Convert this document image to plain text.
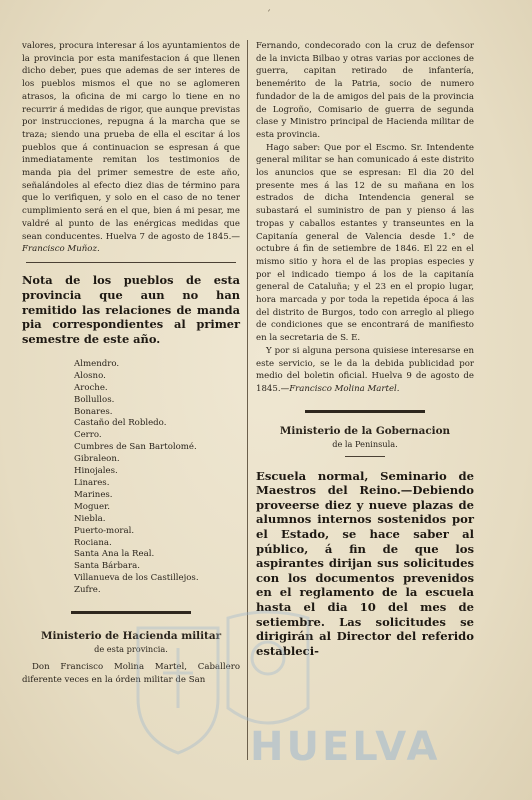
ˊ

valores, procura interesar á los ayuntamientos de la provincia por esta manifestacion á que llenen dicho deber, pues que ademas de ser interes de los pueblos mismos el que no se aglomeren atrasos, la oficina de mi cargo lo tiene en no recurrir á medidas de rigor, que aunque previstas por instrucciones, repugna á la marcha que se traza; siendo una prueba de ella el escitar á los pueblos que á continuacion se espresan á que inmediatamente remitan los testimonios de manda pia del primer semestre de este año, señalándoles al efecto diez dias de término para que lo verifiquen, y solo en el caso de no tener cumplimiento será en el que, bien á mi pesar, me valdré al punto de las enérgicas medidas que sean conducentes. Huelva 7 de agosto de 1845.—Francisco Muñoz.

Nota de los pueblos de esta provincia que aun no han remitido las relaciones de manda pia correspondientes al primer semestre de este año.

Almendro.
Alosno.
Aroche.
Bollullos.
Bonares.
Castaño del Robledo.
Cerro.
Cumbres de San Bartolomé.
Gibraleon.
Hinojales.
Linares.
Marines.
Moguer.
Niebla.
Puerto-moral.
Rociana.
Santa Ana la Real.
Santa Bárbara.
Villanueva de los Castillejos.
Zufre.

Ministerio de Hacienda militar

de esta provincia.

Don Francisco Molina Martel, Caballero diferente veces en la órden militar de San

Fernando, condecorado con la cruz de defensor de la invicta Bilbao y otras varias por acciones de guerra, capitan retirado de infantería, benemérito de la Patria, socio de numero fundador de la de amigos del pais de la provincia de Logroño, Comisario de guerra de segunda clase y Ministro principal de Hacienda militar de esta provincia.

Hago saber: Que por el Escmo. Sr. Intendente general militar se han comunicado á este distrito los anuncios que se espresan: El dia 20 del presente mes á las 12 de su mañana en los estrados de dicha Intendencia general se subastará el suministro de pan y pienso á las tropas y caballos estantes y transeuntes en la Capitanía general de Valencia desde 1.° de octubre á fin de setiembre de 1846. El 22 en el mismo sitio y hora el de las propias especies y por el indicado tiempo á los de la capitanía general de Cataluña; y el 23 en el propio lugar, hora marcada y por toda la repetida época á las del distrito de Burgos, todo con arreglo al pliego de condiciones que se encontrará de manifiesto en la secretaria de S. E.

Y por si alguna persona quisiese interesarse en este servicio, se le da la debida publicidad por medio del boletin oficial. Huelva 9 de agosto de 1845.—Francisco Molina Martel.

Ministerio de la Gobernacion

de la Peninsula.

Escuela normal, Seminario de Maestros del Reino.—Debiendo proveerse diez y nueve plazas de alumnos internos sostenidos por el Estado, se hace saber al público, á fin de que los aspirantes dirijan sus solicitudes con los documentos prevenidos en el reglamento de la escuela hasta el dia 10 del mes de setiembre. Las solicitudes se dirigirán al Director del referido estableci-

HUELVA
